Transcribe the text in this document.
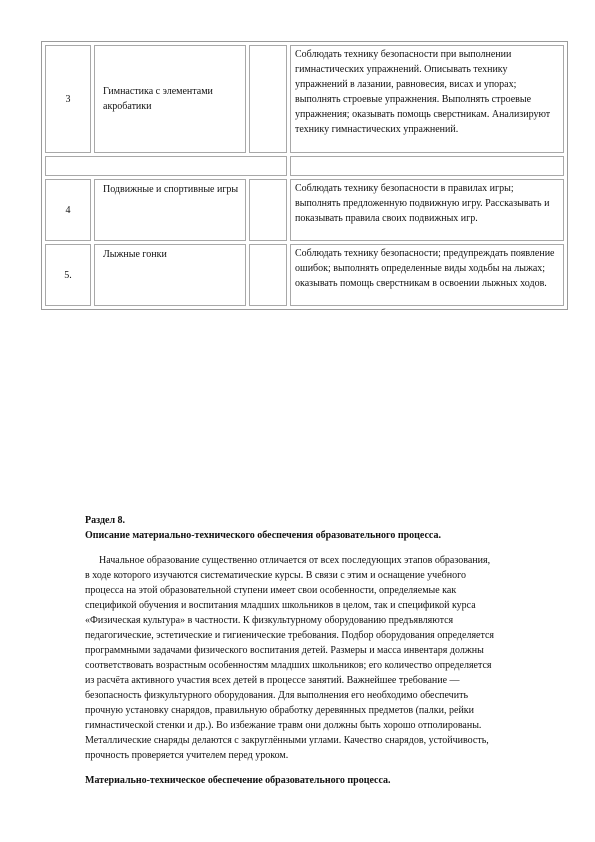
3	Гимнастика с элементами акробатики		Соблюдать технику безопасности при выполнении гимнастических упражнений. Описывать технику упражнений в лазании, равновесия, висах и упорах; выполнять строевые упражнения. Выполнять строевые упражнения; оказывать помощь сверстникам. Анализируют технику гимнастических упражнений.

4	Подвижные и спортивные игры		Соблюдать технику безопасности в правилах игры; выполнять предложенную подвижную игру. Рассказывать и показывать правила своих подвижных игр.
5.	Лыжные гонки		Соблюдать технику безопасности; предупреждать появление ошибок; выполнять определенные виды ходьбы на лыжах; оказывать помощь сверстникам в освоении лыжных ходов.

Раздел 8.

Описание материально-технического обеспечения образовательного процесса.

Начальное образование существенно отличается от всех последующих этапов образования,
в ходе которого изучаются систематические курсы. В связи с этим и оснащение учебного
процесса на этой образовательной ступени имеет свои особенности, определяемые как
спецификой обучения и воспитания младших школьников в целом, так и спецификой курса
«Физическая культура» в частности. К физкультурному оборудованию предъявляются
педагогические, эстетические и гигиенические требования. Подбор оборудования определяется
программными задачами физического воспитания детей. Размеры и масса инвентаря должны
соответствовать возрастным особенностям младших школьников; его количество определяется
из расчёта активного участия всех детей в процессе занятий. Важнейшее требование —
безопасность физкультурного оборудования. Для выполнения его необходимо обеспечить
прочную установку снарядов, правильную обработку деревянных предметов (палки, рейки
гимнастической стенки и др.). Во избежание травм они должны быть хорошо отполированы.
Металлические снаряды делаются с закруглёнными углами. Качество снарядов, устойчивость,
прочность проверяется учителем перед уроком.
Материально-техническое обеспечение образовательного процесса.
